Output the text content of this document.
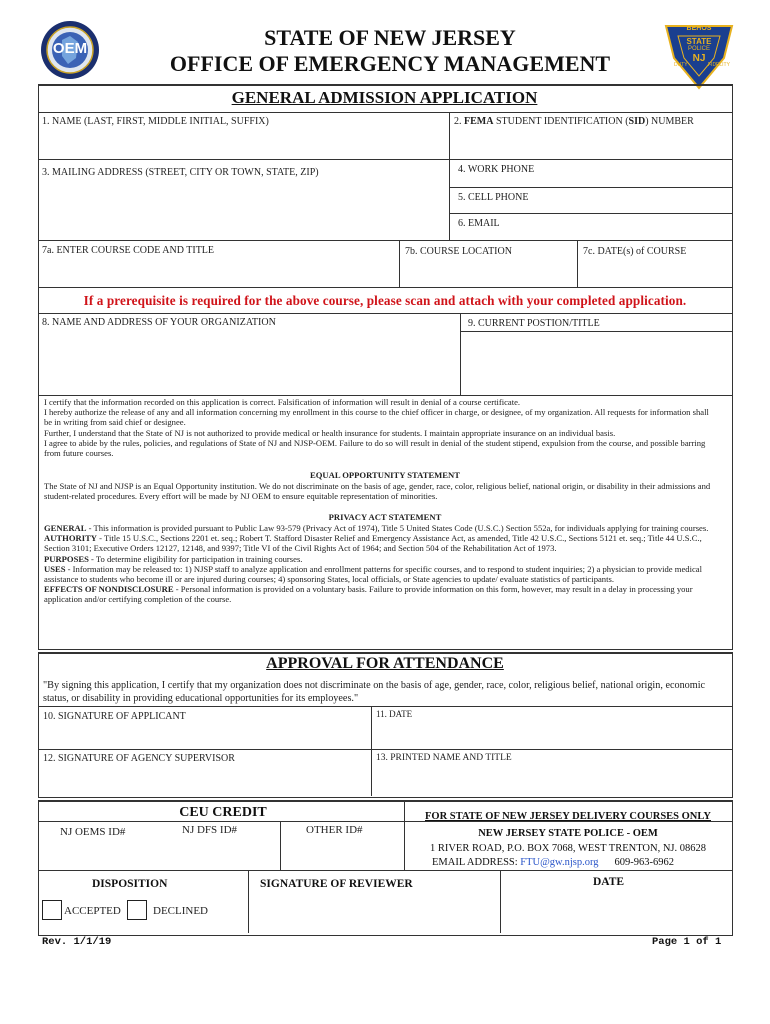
OEM	STATE OF NEW JERSEY
OFFICE OF EMERGENCY MANAGEMENT
BEHOS
STATE
POLICE
NJ
DUTY	FIDELITY
GENERAL ADMISSION APPLICATION
1. NAME (LAST, FIRST, MIDDLE INITIAL, SUFFIX)	2. FEMA STUDENT IDENTIFICATION (SID) NUMBER
3. MAILING ADDRESS (STREET, CITY OR TOWN, STATE, ZIP)	4. WORK PHONE
5. CELL PHONE
6. EMAIL
7a. ENTER COURSE CODE AND TITLE	7b. COURSE LOCATION	7c. DATE(s) of COURSE
If a prerequisite is required for the above course, please scan and attach with your completed application.
8. NAME AND ADDRESS OF YOUR ORGANIZATION	9. CURRENT POSTION/TITLE
I certify that the information recorded on this application is correct. Falsification of information will result in denial of a course certificate.
I hereby authorize the release of any and all information concerning my enrollment in this course to the chief officer in charge, or designee, of my organization. All requests for information shall be in writing from said chief or designee.
Further, I understand that the State of NJ is not authorized to provide medical or health insurance for students. I maintain appropriate insurance on an individual basis.
I agree to abide by the rules, policies, and regulations of State of NJ and NJSP-OEM. Failure to do so will result in denial of the student stipend, expulsion from the course, and possible barring from future courses.
EQUAL OPPORTUNITY STATEMENT
The State of NJ and NJSP is an Equal Opportunity institution. We do not discriminate on the basis of age, gender, race, color, religious belief, national origin, or disability in their admissions and student-related procedures. Every effort will be made by NJ OEM to ensure equitable representation of minorities.
PRIVACY ACT STATEMENT
GENERAL - This information is provided pursuant to Public Law 93-579 (Privacy Act of 1974), Title 5 United States Code (U.S.C.) Section 552a, for individuals applying for training courses.
AUTHORITY - Title 15 U.S.C., Sections 2201 et. seq.; Robert T. Stafford Disaster Relief and Emergency Assistance Act, as amended, Title 42 U.S.C., Sections 5121 et. seq.; Title 44 U.S.C., Section 3101; Executive Orders 12127, 12148, and 9397; Title VI of the Civil Rights Act of 1964; and Section 504 of the Rehabilitation Act of 1973.
PURPOSES - To determine eligibility for participation in training courses.
USES - Information may be released to: 1) NJSP staff to analyze application and enrollment patterns for specific courses, and to respond to student inquiries; 2) a physician to provide medical assistance to students who become ill or are injured during courses; 4) sponsoring States, local officials, or State agencies to update/ evaluate statistics of participants.
EFFECTS OF NONDISCLOSURE - Personal information is provided on a voluntary basis. Failure to provide information on this form, however, may result in a delay in processing your application and/or certifying completion of the course.
APPROVAL FOR ATTENDANCE
"By signing this application, I certify that my organization does not discriminate on the basis of age, gender, race, color, religious belief, national origin, economic status, or disability in providing educational opportunities for its employees."
10. SIGNATURE OF APPLICANT	11. DATE
12. SIGNATURE OF AGENCY SUPERVISOR	13. PRINTED NAME AND TITLE
CEU CREDIT
NJ OEMS ID#	NJ DFS ID#	OTHER ID#
FOR STATE OF NEW JERSEY DELIVERY COURSES ONLY
NEW JERSEY STATE POLICE - OEM
1 RIVER ROAD, P.O. BOX 7068, WEST TRENTON, NJ. 08628
EMAIL ADDRESS: FTU@gw.njsp.org 609-963-6962
DISPOSITION
ACCEPTED	DECLINED
SIGNATURE OF REVIEWER	DATE
Rev. 1/1/19	Page 1 of 1
